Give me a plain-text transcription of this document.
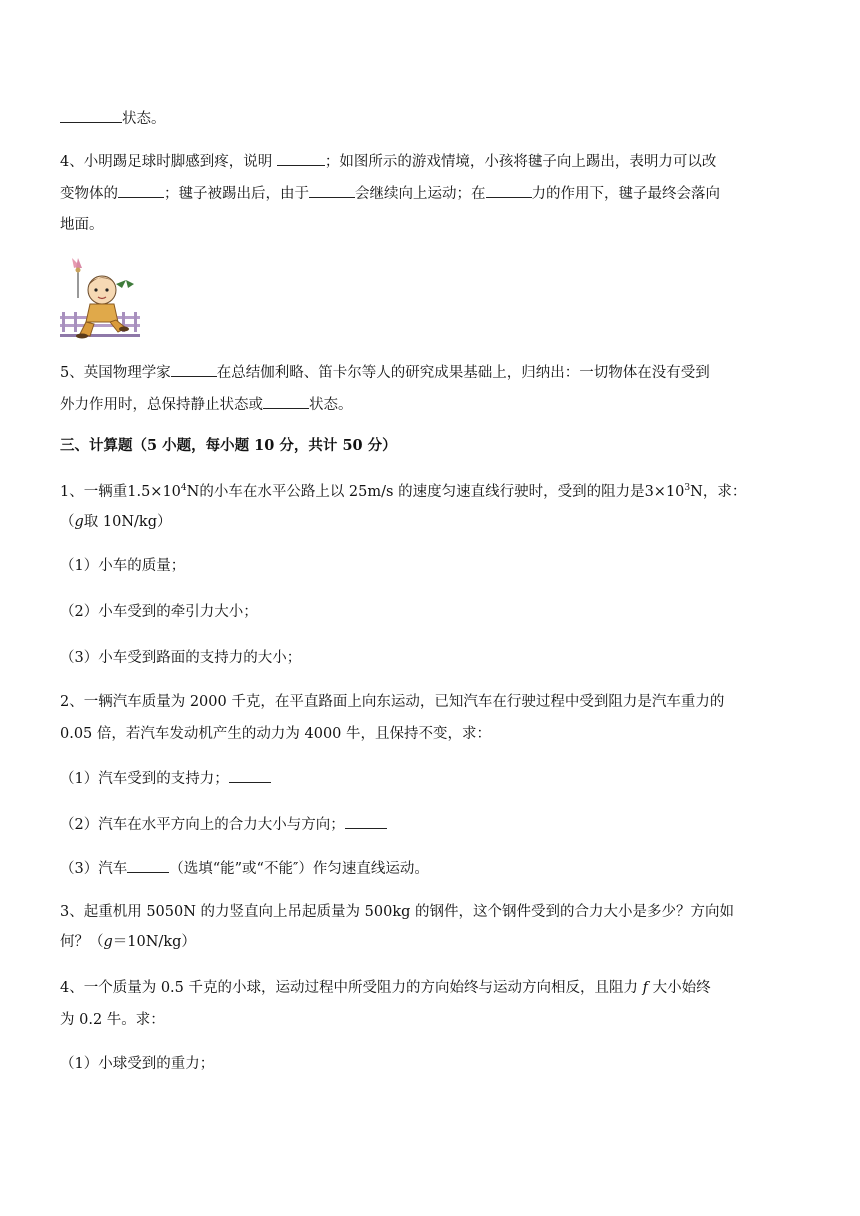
状态。
4、小明踢足球时脚感到疼，说明	；如图所示的游戏情境，小孩将毽子向上踢出，表明力可以改
变物体的	；毽子被踢出后，由于	会继续向上运动；在	力的作用下，毽子最终会落向
地面。
5、英国物理学家	在总结伽利略、笛卡尔等人的研究成果基础上，归纳出：一切物体在没有受到
外力作用时，总保持静止状态或	状态。
三、计算题（5 小题，每小题 10 分，共计 50 分）
1、一辆重$1.5\times 10^4N$的小车在水平公路上以 25m/s 的速度匀速直线行驶时，受到的阻力是$3\times 10^3N$，求：
（g取 10N/kg）
（1）小车的质量；
（2）小车受到的牵引力大小；
（3）小车受到路面的支持力的大小；
2、一辆汽车质量为 2000 千克，在平直路面上向东运动，已知汽车在行驶过程中受到阻力是汽车重力的
0.05 倍，若汽车发动机产生的动力为 4000 牛，且保持不变，求：
（1）汽车受到的支持力；
（2）汽车在水平方向上的合力大小与方向；
（3）汽车	（选填“能”或“不能″）作匀速直线运动。
3、起重机用 5050N 的力竖直向上吊起质量为 500kg 的钢件，这个钢件受到的合力大小是多少？方向如
何？（g＝10N/kg）
4、一个质量为 0.5 千克的小球，运动过程中所受阻力的方向始终与运动方向相反，且阻力 f 大小始终
为 0.2 牛。求：
（1）小球受到的重力；
